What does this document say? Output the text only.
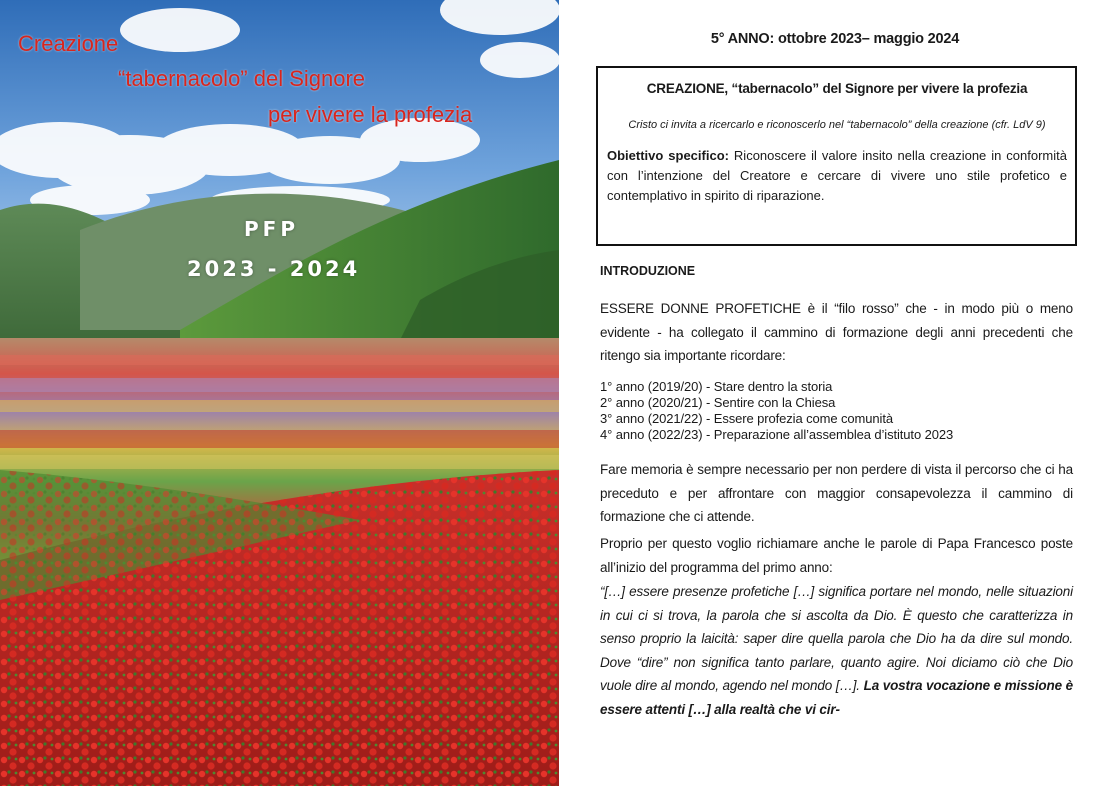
Creazione
“tabernacolo” del Signore
per vivere la profezia
PFP
2023 - 2024
5° ANNO: ottobre 2023– maggio 2024
CREAZIONE, “tabernacolo” del Signore per vivere la profezia
Cristo ci invita a ricercarlo e riconoscerlo nel “tabernacolo” della creazione (cfr. LdV 9)
Obiettivo specifico: Riconoscere il valore insito nella creazione in conformità con l’intenzione del Creatore e cercare di vivere uno stile profetico e contemplativo in spirito di riparazione.
INTRODUZIONE
ESSERE DONNE PROFETICHE è il “filo rosso” che - in modo più o meno evidente - ha collegato il cammino di formazione degli anni precedenti che ritengo sia importante ricordare:
1° anno (2019/20) - Stare dentro la storia
2° anno (2020/21) - Sentire con la Chiesa
3° anno (2021/22) - Essere profezia come comunità
4° anno (2022/23) - Preparazione all’assemblea d’istituto 2023
Fare memoria è sempre necessario per non perdere di vista il percorso che ci ha preceduto e per affrontare con maggior consapevolezza il cammino di formazione che ci attende.
Proprio per questo voglio richiamare anche le parole di Papa Francesco poste all’inizio del programma del primo anno:
“[…] essere presenze profetiche […] significa portare nel mondo, nelle situazioni in cui ci si trova, la parola che si ascolta da Dio. È questo che caratterizza in senso proprio la laicità: saper dire quella parola che Dio ha da dire sul mondo. Dove “dire” non significa tanto parlare, quanto agire. Noi diciamo ciò che Dio vuole dire al mondo, agendo nel mondo […]. La vostra vocazione e missione è essere attenti […] alla realtà che vi cir-
